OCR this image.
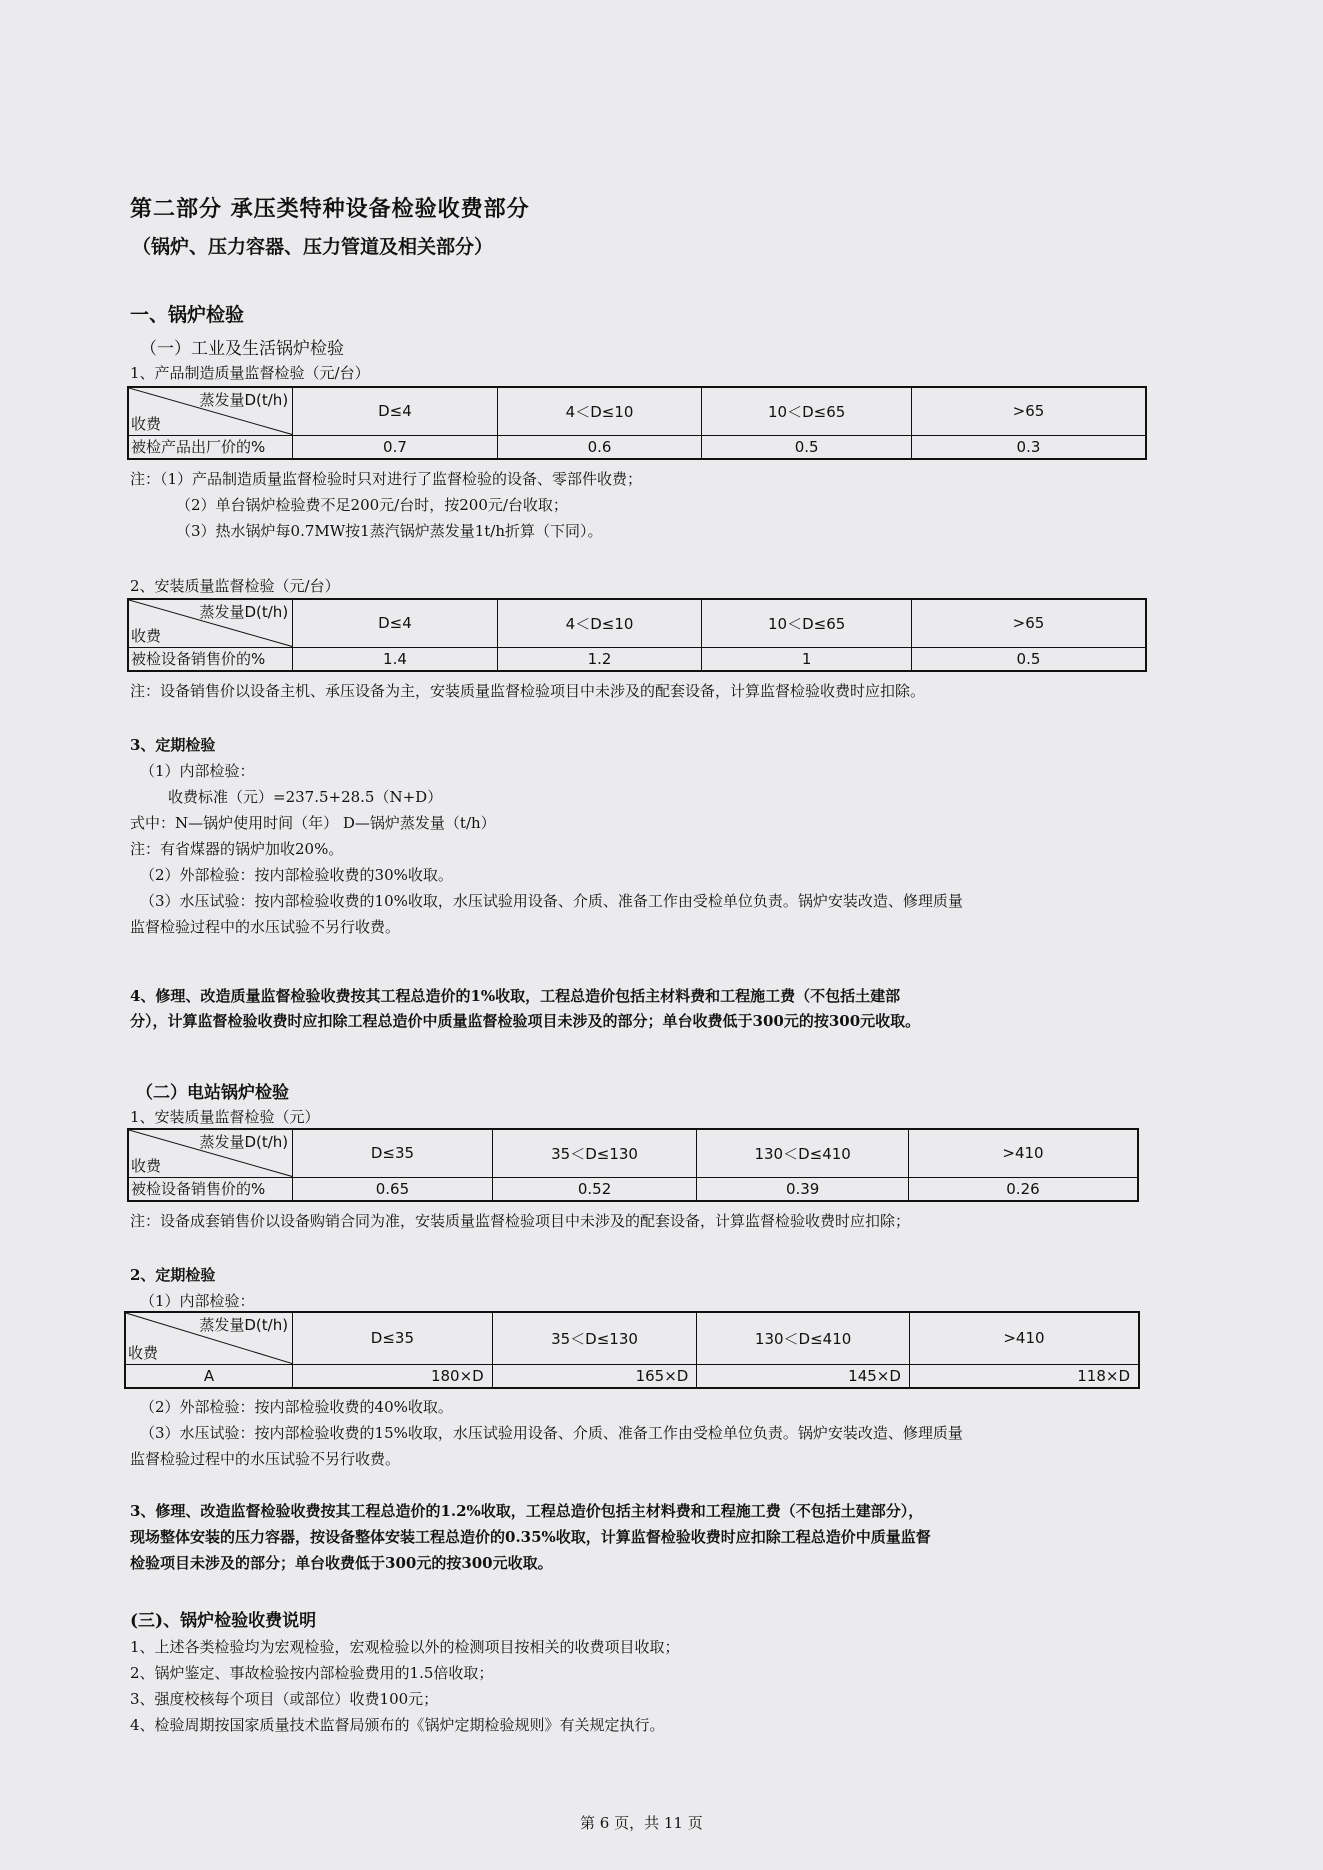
第二部分 承压类特种设备检验收费部分
（锅炉、压力容器、压力管道及相关部分）
一、锅炉检验
（一）工业及生活锅炉检验
1、产品制造质量监督检验（元/台）
蒸发量D(t/h)
收费	D≤4	4＜D≤10	10＜D≤65	>65
被检产品出厂价的%	0.7	0.6	0.5	0.3
注：（1）产品制造质量监督检验时只对进行了监督检验的设备、零部件收费；
（2）单台锅炉检验费不足200元/台时，按200元/台收取；
（3）热水锅炉每0.7MW按1蒸汽锅炉蒸发量1t/h折算（下同）。
2、安装质量监督检验（元/台）
蒸发量D(t/h)
收费	D≤4	4＜D≤10	10＜D≤65	>65
被检设备销售价的%	1.4	1.2	1	0.5
注：设备销售价以设备主机、承压设备为主，安装质量监督检验项目中未涉及的配套设备，计算监督检验收费时应扣除。
3、定期检验
（1）内部检验：
收费标准（元）=237.5+28.5（N+D）
式中：N—锅炉使用时间（年） D—锅炉蒸发量（t/h）
注：有省煤器的锅炉加收20%。
（2）外部检验：按内部检验收费的30%收取。
（3）水压试验：按内部检验收费的10%收取，水压试验用设备、介质、准备工作由受检单位负责。锅炉安装改造、修理质量
监督检验过程中的水压试验不另行收费。
4、修理、改造质量监督检验收费按其工程总造价的1%收取，工程总造价包括主材料费和工程施工费（不包括土建部
分），计算监督检验收费时应扣除工程总造价中质量监督检验项目未涉及的部分；单台收费低于300元的按300元收取。
（二）电站锅炉检验
1、安装质量监督检验（元）
蒸发量D(t/h)
收费	D≤35	35＜D≤130	130＜D≤410	>410
被检设备销售价的%	0.65	0.52	0.39	0.26
注：设备成套销售价以设备购销合同为准，安装质量监督检验项目中未涉及的配套设备，计算监督检验收费时应扣除；
2、定期检验
（1）内部检验：
蒸发量D(t/h)
收费	D≤35	35＜D≤130	130＜D≤410	>410
A	180×D	165×D	145×D	118×D
（2）外部检验：按内部检验收费的40%收取。
（3）水压试验：按内部检验收费的15%收取，水压试验用设备、介质、准备工作由受检单位负责。锅炉安装改造、修理质量
监督检验过程中的水压试验不另行收费。
3、修理、改造监督检验收费按其工程总造价的1.2%收取，工程总造价包括主材料费和工程施工费（不包括土建部分），
现场整体安装的压力容器，按设备整体安装工程总造价的0.35%收取，计算监督检验收费时应扣除工程总造价中质量监督
检验项目未涉及的部分；单台收费低于300元的按300元收取。
(三)、锅炉检验收费说明
1、上述各类检验均为宏观检验，宏观检验以外的检测项目按相关的收费项目收取；
2、锅炉鉴定、事故检验按内部检验费用的1.5倍收取；
3、强度校核每个项目（或部位）收费100元；
4、检验周期按国家质量技术监督局颁布的《锅炉定期检验规则》有关规定执行。
第 6 页，共 11 页
